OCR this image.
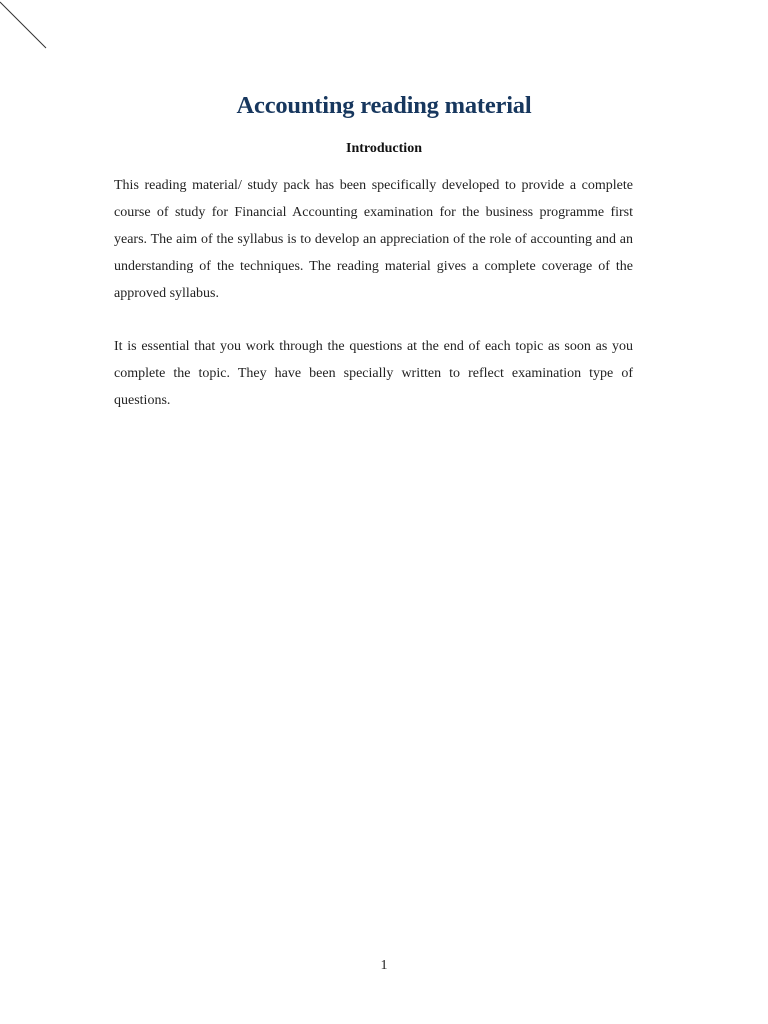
Accounting reading material
Introduction

This reading material/ study pack has been specifically developed to provide a complete course of study for Financial Accounting examination for the business programme first years. The aim of the syllabus is to develop an appreciation of the role of accounting and an understanding of the techniques. The reading material gives a complete coverage of the approved syllabus.

It is essential that you work through the questions at the end of each topic as soon as you complete the topic. They have been specially written to reflect examination type of questions.

1
